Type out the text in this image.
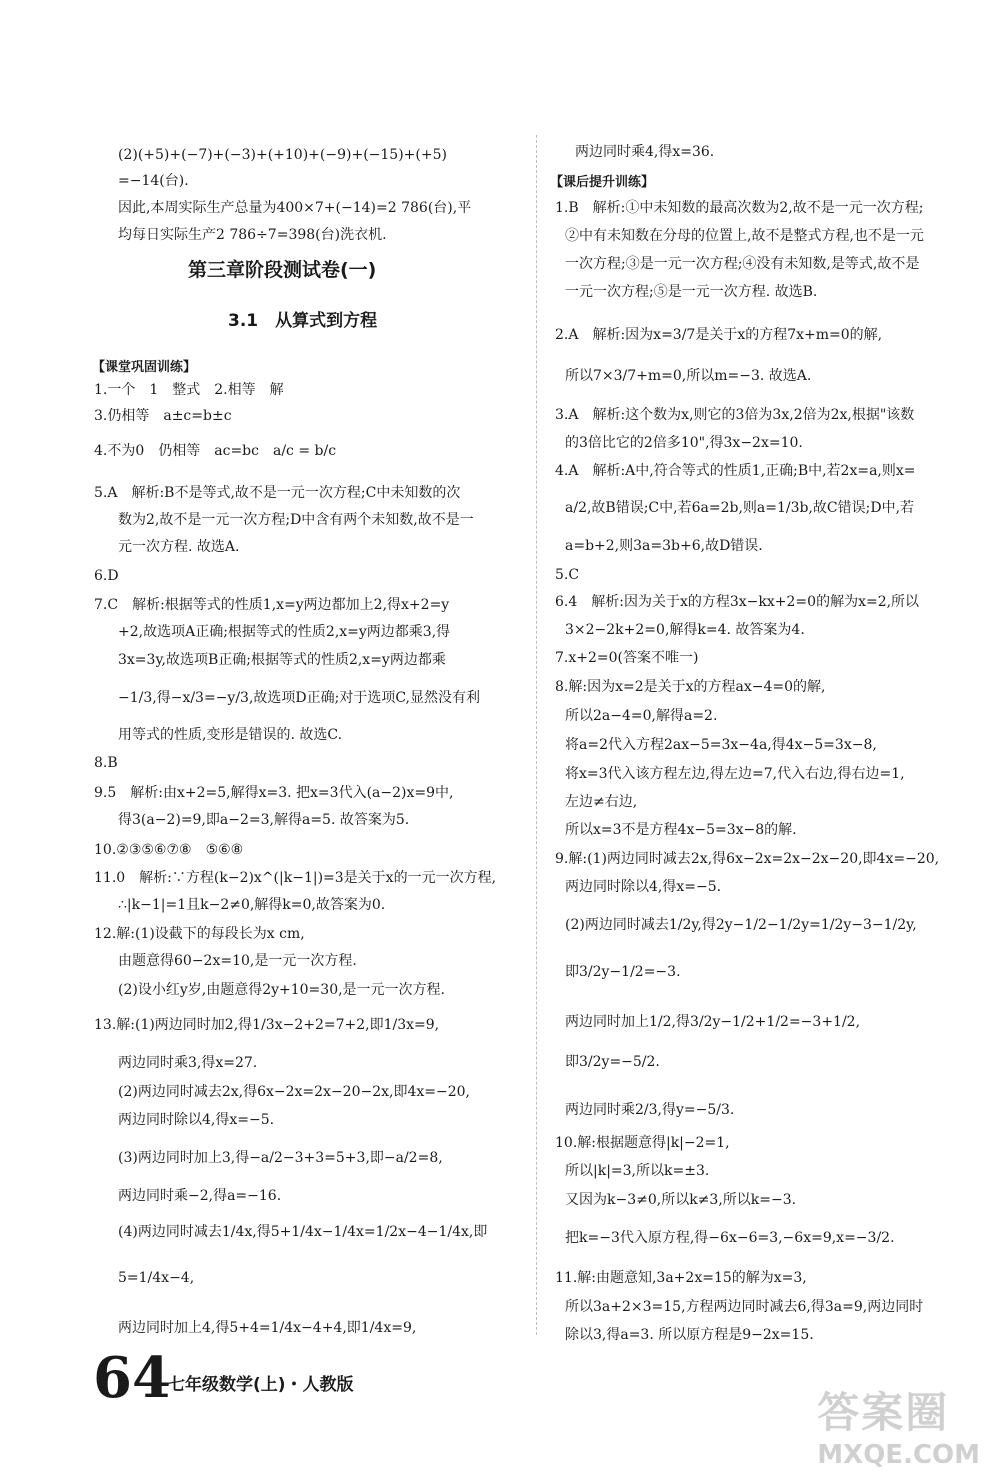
(2)(+5)+(−7)+(−3)+(+10)+(−9)+(−15)+(+5)
=−14(台).
因此,本周实际生产总量为400×7+(−14)=2 786(台),平
均每日实际生产2 786÷7=398(台)洗衣机.
第三章阶段测试卷(一)
3.1　从算式到方程
【课堂巩固训练】
1.一个　1　整式　2.相等　解
3.仍相等　a±c=b±c
4.不为0　仍相等　ac=bc　a/c = b/c
5.A　解析:B不是等式,故不是一元一次方程;C中未知数的次
数为2,故不是一元一次方程;D中含有两个未知数,故不是一
元一次方程. 故选A.
6.D
7.C　解析:根据等式的性质1,x=y两边都加上2,得x+2=y
+2,故选项A正确;根据等式的性质2,x=y两边都乘3,得
3x=3y,故选项B正确;根据等式的性质2,x=y两边都乘
−1/3,得−x/3=−y/3,故选项D正确;对于选项C,显然没有利
用等式的性质,变形是错误的. 故选C.
8.B
9.5　解析:由x+2=5,解得x=3. 把x=3代入(a−2)x=9中,
得3(a−2)=9,即a−2=3,解得a=5. 故答案为5.
10.②③⑤⑥⑦⑧　⑤⑥⑧
11.0　解析:∵方程(k−2)x^(|k−1|)=3是关于x的一元一次方程,
∴|k−1|=1且k−2≠0,解得k=0,故答案为0.
12.解:(1)设截下的每段长为x cm,
由题意得60−2x=10,是一元一次方程.
(2)设小红y岁,由题意得2y+10=30,是一元一次方程.
13.解:(1)两边同时加2,得1/3x−2+2=7+2,即1/3x=9,
两边同时乘3,得x=27.
(2)两边同时减去2x,得6x−2x=2x−20−2x,即4x=−20,
两边同时除以4,得x=−5.
(3)两边同时加上3,得−a/2−3+3=5+3,即−a/2=8,
两边同时乘−2,得a=−16.
(4)两边同时减去1/4x,得5+1/4x−1/4x=1/2x−4−1/4x,即
5=1/4x−4,
两边同时加上4,得5+4=1/4x−4+4,即1/4x=9,
两边同时乘4,得x=36.
【课后提升训练】
1.B　解析:①中未知数的最高次数为2,故不是一元一次方程;
②中有未知数在分母的位置上,故不是整式方程,也不是一元
一次方程;③是一元一次方程;④没有未知数,是等式,故不是
一元一次方程;⑤是一元一次方程. 故选B.
2.A　解析:因为x=3/7是关于x的方程7x+m=0的解,
所以7×3/7+m=0,所以m=−3. 故选A.
3.A　解析:这个数为x,则它的3倍为3x,2倍为2x,根据"该数
的3倍比它的2倍多10",得3x−2x=10.
4.A　解析:A中,符合等式的性质1,正确;B中,若2x=a,则x=
a/2,故B错误;C中,若6a=2b,则a=1/3b,故C错误;D中,若
a=b+2,则3a=3b+6,故D错误.
5.C
6.4　解析:因为关于x的方程3x−kx+2=0的解为x=2,所以
3×2−2k+2=0,解得k=4. 故答案为4.
7.x+2=0(答案不唯一)
8.解:因为x=2是关于x的方程ax−4=0的解,
所以2a−4=0,解得a=2.
将a=2代入方程2ax−5=3x−4a,得4x−5=3x−8,
将x=3代入该方程左边,得左边=7,代入右边,得右边=1,
左边≠右边,
所以x=3不是方程4x−5=3x−8的解.
9.解:(1)两边同时减去2x,得6x−2x=2x−2x−20,即4x=−20,
两边同时除以4,得x=−5.
(2)两边同时减去1/2y,得2y−1/2−1/2y=1/2y−3−1/2y,
即3/2y−1/2=−3.
两边同时加上1/2,得3/2y−1/2+1/2=−3+1/2,
即3/2y=−5/2.
两边同时乘2/3,得y=−5/3.
10.解:根据题意得|k|−2=1,
所以|k|=3,所以k=±3.
又因为k−3≠0,所以k≠3,所以k=−3.
把k=−3代入原方程,得−6x−6=3,−6x=9,x=−3/2.
11.解:由题意知,3a+2x=15的解为x=3,
所以3a+2×3=15,方程两边同时减去6,得3a=9,两边同时
除以3,得a=3. 所以原方程是9−2x=15.
64
七年级数学(上)・人教版
答案圈
MXQE.COM
